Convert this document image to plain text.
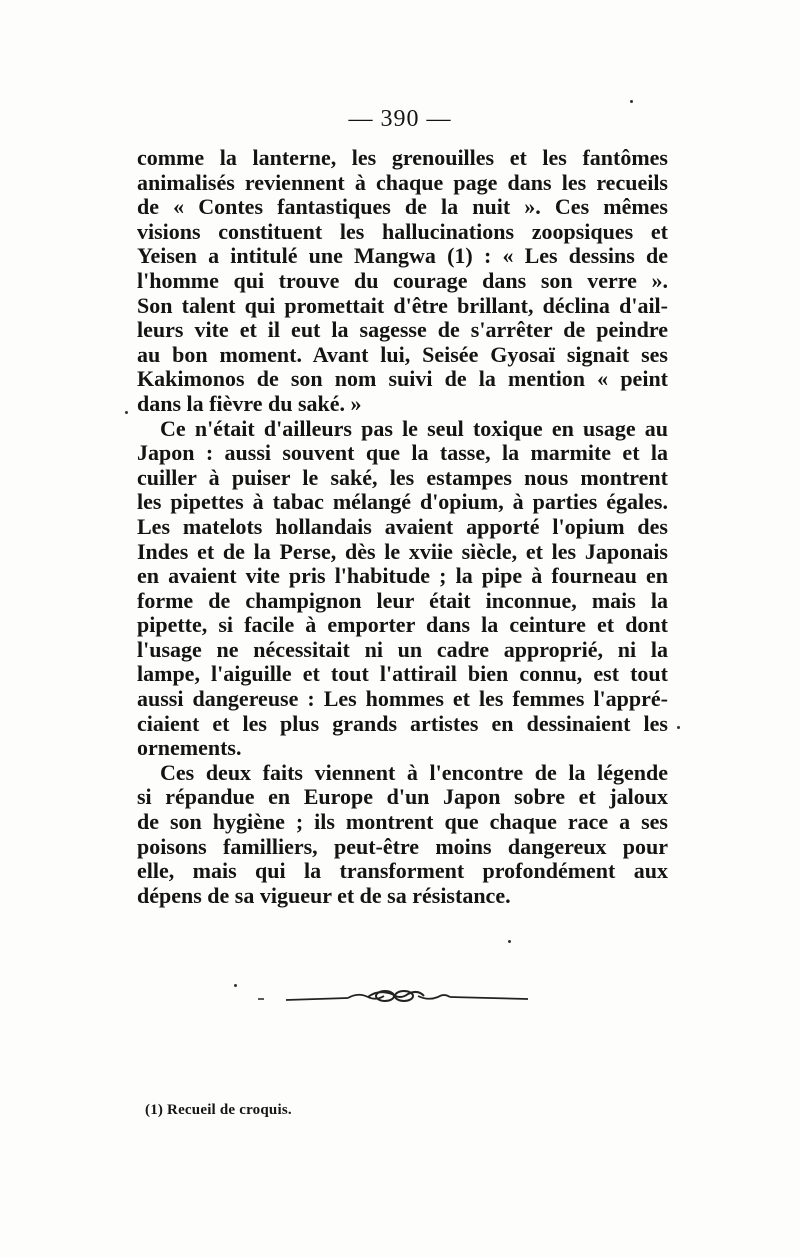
— 390 —
comme la lanterne, les grenouilles et les fantômes
animalisés reviennent à chaque page dans les recueils
de « Contes fantastiques de la nuit ». Ces mêmes
visions constituent les hallucinations zoopsiques et
Yeisen a intitulé une Mangwa (1) : « Les dessins de
l'homme qui trouve du courage dans son verre ».
Son talent qui promettait d'être brillant, déclina d'ail-
leurs vite et il eut la sagesse de s'arrêter de peindre
au bon moment. Avant lui, Seisée Gyosaï signait ses
Kakimonos de son nom suivi de la mention « peint
dans la fièvre du saké. »
Ce n'était d'ailleurs pas le seul toxique en usage au
Japon : aussi souvent que la tasse, la marmite et la
cuiller à puiser le saké, les estampes nous montrent
les pipettes à tabac mélangé d'opium, à parties égales.
Les matelots hollandais avaient apporté l'opium des
Indes et de la Perse, dès le xviie siècle, et les Japonais
en avaient vite pris l'habitude ; la pipe à fourneau en
forme de champignon leur était inconnue, mais la
pipette, si facile à emporter dans la ceinture et dont
l'usage ne nécessitait ni un cadre approprié, ni la
lampe, l'aiguille et tout l'attirail bien connu, est tout
aussi dangereuse : Les hommes et les femmes l'appré-
ciaient et les plus grands artistes en dessinaient les
ornements.
Ces deux faits viennent à l'encontre de la légende
si répandue en Europe d'un Japon sobre et jaloux
de son hygiène ; ils montrent que chaque race a ses
poisons familliers, peut-être moins dangereux pour
elle, mais qui la transforment profondément aux
dépens de sa vigueur et de sa résistance.
(1) Recueil de croquis.
